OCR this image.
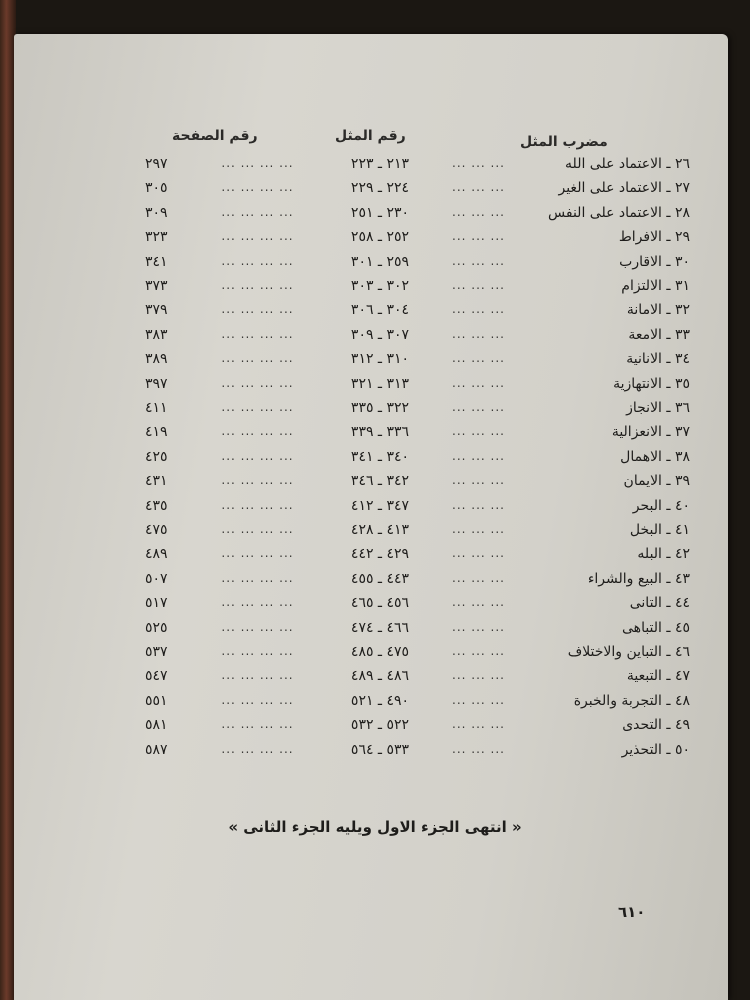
مضرب المثل
رقم المثل
رقم الصفحة
٢٦ ـ الاعتماد على الله
... ... ...
٢١٣ ـ ٢٢٣
... ... ... ...
٢٩٧
٢٧ ـ الاعتماد على الغير
... ... ...
٢٢٤ ـ ٢٢٩
... ... ... ...
٣٠٥
٢٨ ـ الاعتماد على النفس
... ... ...
٢٣٠ ـ ٢٥١
... ... ... ...
٣٠٩
٢٩ ـ الافراط
... ... ...
٢٥٢ ـ ٢٥٨
... ... ... ...
٣٢٣
٣٠ ـ الاقارب
... ... ...
٢٥٩ ـ ٣٠١
... ... ... ...
٣٤١
٣١ ـ الالتزام
... ... ...
٣٠٢ ـ ٣٠٣
... ... ... ...
٣٧٣
٣٢ ـ الامانة
... ... ...
٣٠٤ ـ ٣٠٦
... ... ... ...
٣٧٩
٣٣ ـ الامعة
... ... ...
٣٠٧ ـ ٣٠٩
... ... ... ...
٣٨٣
٣٤ ـ الانانية
... ... ...
٣١٠ ـ ٣١٢
... ... ... ...
٣٨٩
٣٥ ـ الانتهازية
... ... ...
٣١٣ ـ ٣٢١
... ... ... ...
٣٩٧
٣٦ ـ الانجاز
... ... ...
٣٢٢ ـ ٣٣٥
... ... ... ...
٤١١
٣٧ ـ الانعزالية
... ... ...
٣٣٦ ـ ٣٣٩
... ... ... ...
٤١٩
٣٨ ـ الاهمال
... ... ...
٣٤٠ ـ ٣٤١
... ... ... ...
٤٢٥
٣٩ ـ الايمان
... ... ...
٣٤٢ ـ ٣٤٦
... ... ... ...
٤٣١
٤٠ ـ البحر
... ... ...
٣٤٧ ـ ٤١٢
... ... ... ...
٤٣٥
٤١ ـ البخل
... ... ...
٤١٣ ـ ٤٢٨
... ... ... ...
٤٧٥
٤٢ ـ البله
... ... ...
٤٢٩ ـ ٤٤٢
... ... ... ...
٤٨٩
٤٣ ـ البيع والشراء
... ... ...
٤٤٣ ـ ٤٥٥
... ... ... ...
٥٠٧
٤٤ ـ التانى
... ... ...
٤٥٦ ـ ٤٦٥
... ... ... ...
٥١٧
٤٥ ـ التباهى
... ... ...
٤٦٦ ـ ٤٧٤
... ... ... ...
٥٢٥
٤٦ ـ التباين والاختلاف
... ... ...
٤٧٥ ـ ٤٨٥
... ... ... ...
٥٣٧
٤٧ ـ التبعية
... ... ...
٤٨٦ ـ ٤٨٩
... ... ... ...
٥٤٧
٤٨ ـ التجربة والخبرة
... ... ...
٤٩٠ ـ ٥٢١
... ... ... ...
٥٥١
٤٩ ـ التحدى
... ... ...
٥٢٢ ـ ٥٣٢
... ... ... ...
٥٨١
٥٠ ـ التحذير
... ... ...
٥٣٣ ـ ٥٦٤
... ... ... ...
٥٨٧
« انتهى الجزء الاول ويليه الجزء الثانى »
٦١٠
